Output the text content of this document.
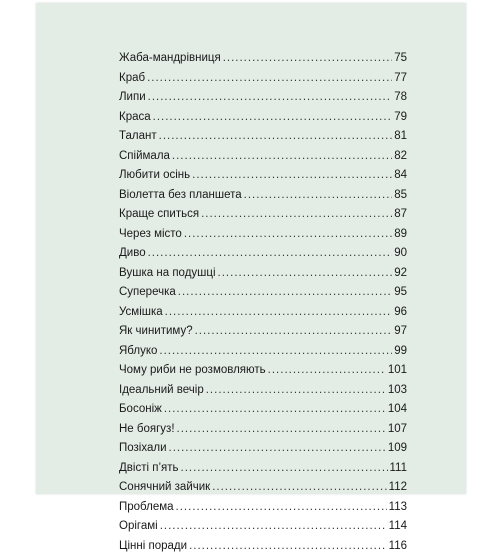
Жаба-мандрівниця .....	75
Краб .....	77
Липи .....	78
Краса .....	79
Талант .....	81
Спіймала .....	82
Любити осінь .....	84
Віолетта без планшета .....	85
Краще спиться .....	87
Через місто .....	89
Диво .....	90
Вушка на подушці .....	92
Суперечка .....	95
Усмішка .....	96
Як чинитиму? .....	97
Яблуко .....	99
Чому риби не розмовляють .....	101
Ідеальний вечір .....	103
Босоніж .....	104
Не боягуз! .....	107
Позіхали .....	109
Двісті п’ять .....	111
Сонячний зайчик .....	112
Проблема .....	113
Орігамі .....	114
Цінні поради .....	116
